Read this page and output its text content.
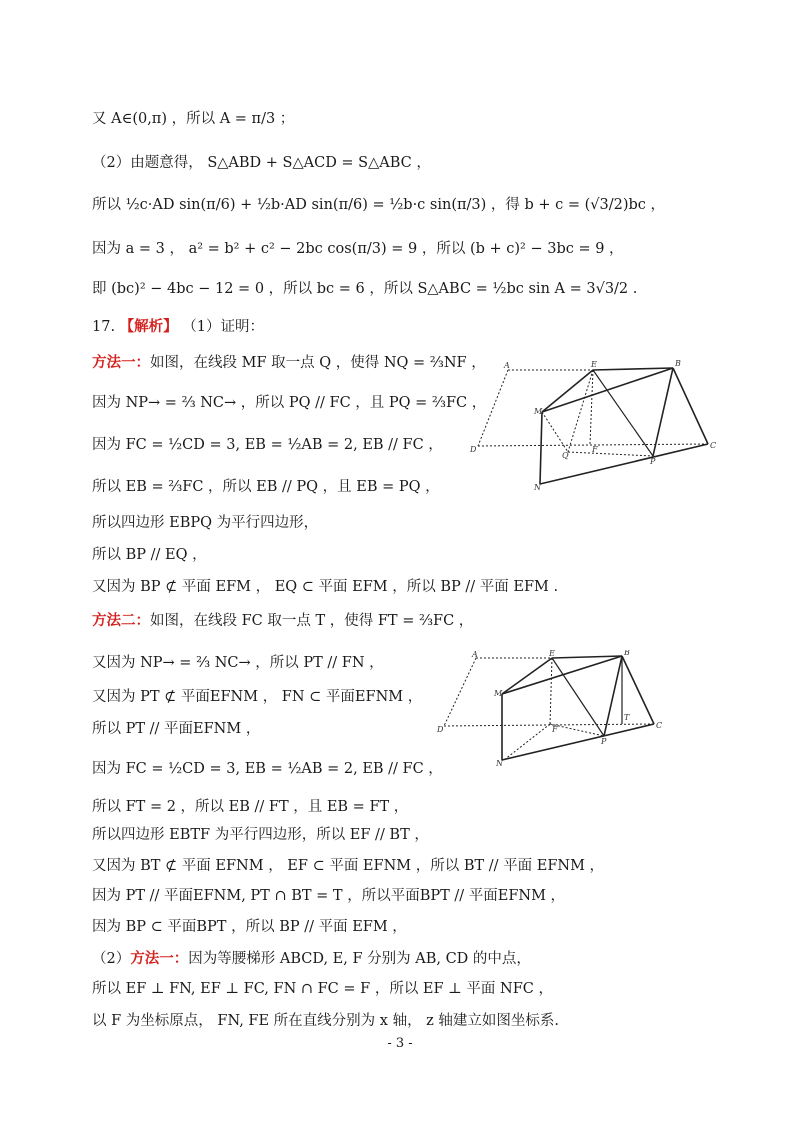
又 A∈(0,π) ，所以 A = π/3 ；
（2）由题意得， S△ABD + S△ACD = S△ABC ，
所以 ½c·AD sin(π/6) + ½b·AD sin(π/6) = ½b·c sin(π/3) ，得 b + c = (√3/2)bc ，
因为 a = 3 ， a² = b² + c² − 2bc cos(π/3) = 9 ，所以 (b + c)² − 3bc = 9 ，
即 (bc)² − 4bc − 12 = 0 ，所以 bc = 6 ，所以 S△ABC = ½bc sin A = 3√3/2 .
17. 【解析】 （1）证明：
方法一：如图，在线段 MF 取一点 Q ，使得 NQ = ⅔NF ，
因为 NP→ = ⅔ NC→ ，所以 PQ // FC ，且 PQ = ⅔FC ，
因为 FC = ½CD = 3, EB = ½AB = 2, EB // FC ，
所以 EB = ⅔FC ，所以 EB // PQ ，且 EB = PQ ，
所以四边形 EBPQ 为平行四边形，
所以 BP // EQ ，
又因为 BP ⊄ 平面 EFM ， EQ ⊂ 平面 EFM ，所以 BP // 平面 EFM .
方法二：如图，在线段 FC 取一点 T ，使得 FT = ⅔FC ，
又因为 NP→ = ⅔ NC→ ，所以 PT // FN ，
又因为 PT ⊄ 平面EFNM ， FN ⊂ 平面EFNM ，
所以 PT // 平面EFNM ，
因为 FC = ½CD = 3, EB = ½AB = 2, EB // FC ，
所以 FT = 2 ，所以 EB // FT ，且 EB = FT ，
所以四边形 EBTF 为平行四边形，所以 EF // BT ，
又因为 BT ⊄ 平面 EFNM ， EF ⊂ 平面 EFNM ，所以 BT // 平面 EFNM ，
因为 PT // 平面EFNM, PT ∩ BT = T ，所以平面BPT // 平面EFNM ，
因为 BP ⊂ 平面BPT ，所以 BP // 平面 EFM ，
（2）方法一：因为等腰梯形 ABCD, E, F 分别为 AB, CD 的中点，
所以 EF ⊥ FN, EF ⊥ FC, FN ∩ FC = F ，所以 EF ⊥ 平面 NFC ，
以 F 为坐标原点， FN, FE 所在直线分别为 x 轴， z 轴建立如图坐标系.
- 3 -
A	E	B
M
D
Q
F	C
P
N
A	E	B
M
D	F
T
C
P
N
